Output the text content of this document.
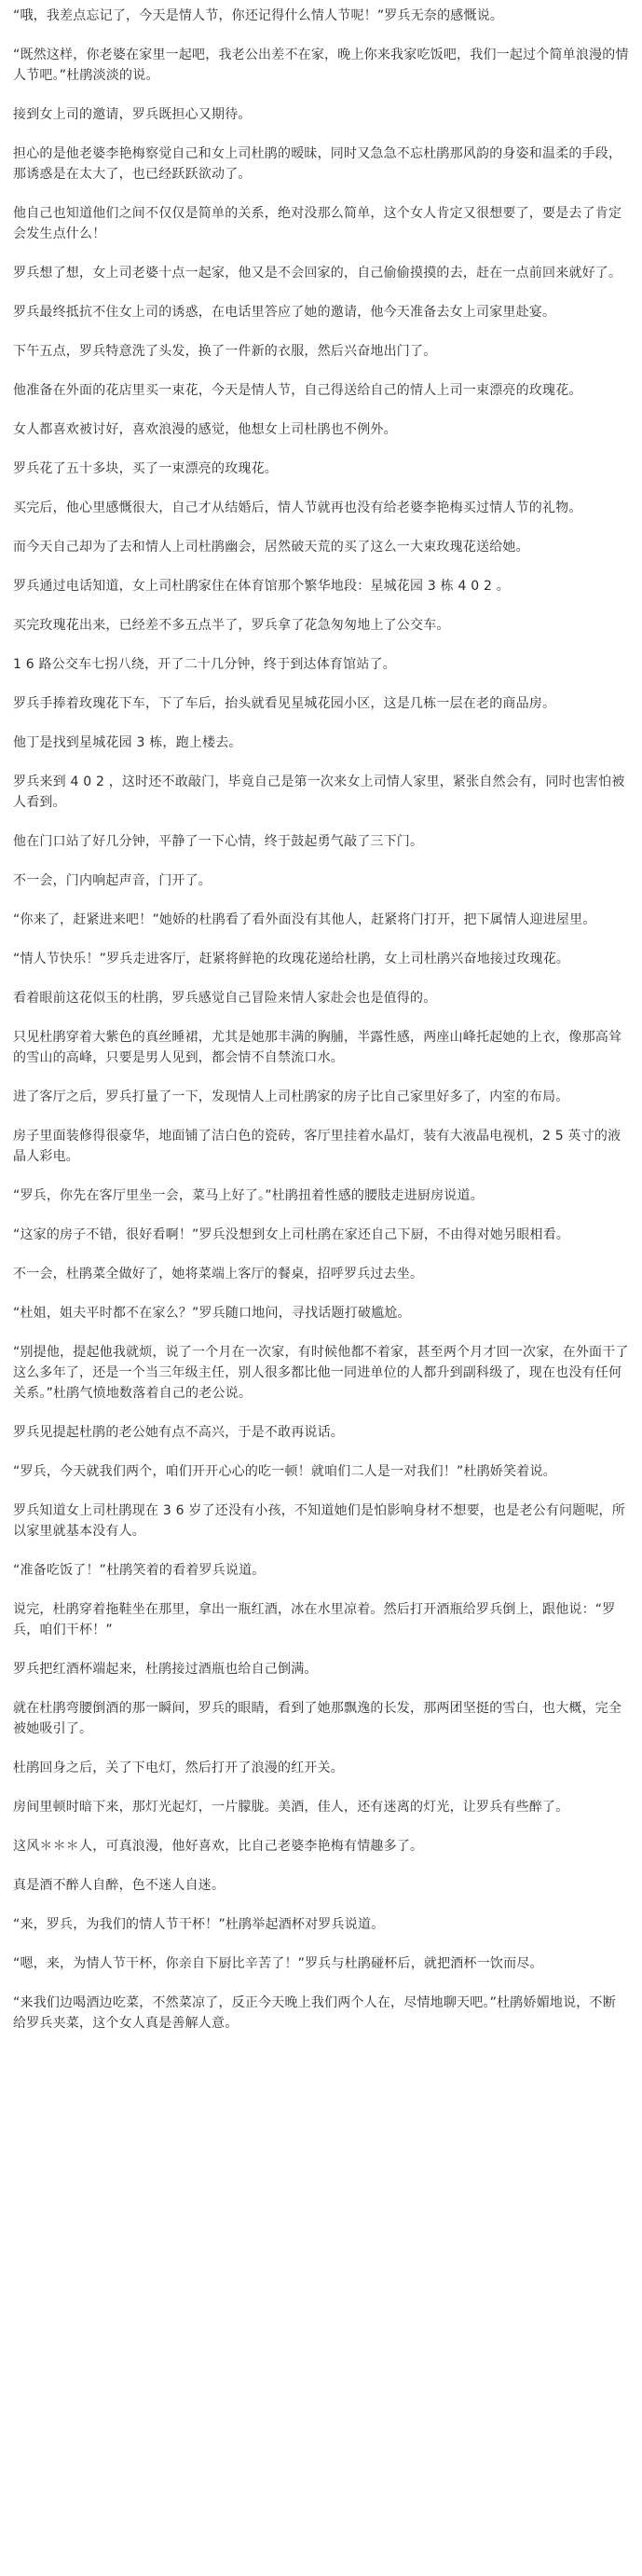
“哦，我差点忘记了，今天是情人节，你还记得什么情人节呢！”罗兵无奈的感慨说。

“既然这样，你老婆在家里一起吧，我老公出差不在家，晚上你来我家吃饭吧，我们一起过个简单浪漫的情人节吧。”杜鹃淡淡的说。

接到女上司的邀请，罗兵既担心又期待。

担心的是他老婆李艳梅察觉自己和女上司杜鹃的暧昧，同时又急急不忘杜鹃那风韵的身姿和温柔的手段，那诱惑是在太大了，也已经跃跃欲动了。

他自己也知道他们之间不仅仅是简单的关系，绝对没那么简单，这个女人肯定又很想要了，要是去了肯定会发生点什么！

罗兵想了想，女上司老婆十点一起家，他又是不会回家的，自己偷偷摸摸的去，赶在一点前回来就好了。

罗兵最终抵抗不住女上司的诱惑，在电话里答应了她的邀请，他今天准备去女上司家里赴宴。

下午五点，罗兵特意洗了头发，换了一件新的衣服，然后兴奋地出门了。

他准备在外面的花店里买一束花，今天是情人节，自己得送给自己的情人上司一束漂亮的玫瑰花。

女人都喜欢被讨好，喜欢浪漫的感觉，他想女上司杜鹃也不例外。

罗兵花了五十多块，买了一束漂亮的玫瑰花。

买完后，他心里感慨很大，自己才从结婚后，情人节就再也没有给老婆李艳梅买过情人节的礼物。

而今天自己却为了去和情人上司杜鹃幽会，居然破天荒的买了这么一大束玫瑰花送给她。

罗兵通过电话知道，女上司杜鹃家住在体育馆那个繁华地段：星城花园 3 栋 4 0 2 。

买完玫瑰花出来，已经差不多五点半了，罗兵拿了花急匆匆地上了公交车。

1 6 路公交车七拐八绕，开了二十几分钟，终于到达体育馆站了。

罗兵手捧着玫瑰花下车，下了车后，抬头就看见星城花园小区，这是几栋一层在老的商品房。

他丁是找到星城花园 3 栋，跑上楼去。

罗兵来到 4 0 2 ，这时还不敢敲门，毕竟自己是第一次来女上司情人家里，紧张自然会有，同时也害怕被人看到。

他在门口站了好几分钟，平静了一下心情，终于鼓起勇气敲了三下门。

不一会，门内响起声音，门开了。

“你来了，赶紧进来吧！”她娇的杜鹃看了看外面没有其他人，赶紧将门打开，把下属情人迎进屋里。

“情人节快乐！”罗兵走进客厅，赶紧将鲜艳的玫瑰花递给杜鹃，女上司杜鹃兴奋地接过玫瑰花。

看着眼前这花似玉的杜鹃，罗兵感觉自己冒险来情人家赴会也是值得的。

只见杜鹃穿着大紫色的真丝睡裙，尤其是她那丰满的胸脯，半露性感，两座山峰托起她的上衣，像那高耸的雪山的高峰，只要是男人见到，都会情不自禁流口水。

进了客厅之后，罗兵打量了一下，发现情人上司杜鹃家的房子比自己家里好多了，内室的布局。

房子里面装修得很豪华，地面铺了洁白色的瓷砖，客厅里挂着水晶灯，装有大液晶电视机，2 5 英寸的液晶人彩电。

“罗兵，你先在客厅里坐一会，菜马上好了。”杜鹃扭着性感的腰肢走进厨房说道。

“这家的房子不错，很好看啊！”罗兵没想到女上司杜鹃在家还自己下厨，不由得对她另眼相看。

不一会，杜鹃菜全做好了，她将菜端上客厅的餐桌，招呼罗兵过去坐。

“杜姐，姐夫平时都不在家么？”罗兵随口地问，寻找话题打破尴尬。

“别提他，提起他我就烦，说了一个月在一次家，有时候他都不着家，甚至两个月才回一次家，在外面干了这么多年了，还是一个当三年级主任，别人很多都比他一同进单位的人都升到副科级了，现在也没有任何关系。”杜鹃气愤地数落着自己的老公说。

罗兵见提起杜鹃的老公她有点不高兴，于是不敢再说话。

“罗兵，今天就我们两个，咱们开开心心的吃一顿！就咱们二人是一对我们！”杜鹃娇笑着说。

罗兵知道女上司杜鹃现在 3 6 岁了还没有小孩，不知道她们是怕影响身材不想要，也是老公有问题呢，所以家里就基本没有人。

“准备吃饭了！”杜鹃笑着的看着罗兵说道。

说完，杜鹃穿着拖鞋坐在那里，拿出一瓶红酒，冰在水里凉着。然后打开酒瓶给罗兵倒上，跟他说：“罗兵，咱们干杯！”

罗兵把红酒杯端起来，杜鹃接过酒瓶也给自己倒满。

就在杜鹃弯腰倒酒的那一瞬间，罗兵的眼睛，看到了她那飘逸的长发，那两团坚挺的雪白，也大概，完全被她吸引了。

杜鹃回身之后，关了下电灯，然后打开了浪漫的红开关。

房间里顿时暗下来，那灯光起灯，一片朦胧。美酒，佳人，还有迷离的灯光，让罗兵有些醉了。

这风＊＊＊人，可真浪漫，他好喜欢，比自己老婆李艳梅有情趣多了。

真是酒不醉人自醉，色不迷人自迷。

“来，罗兵，为我们的情人节干杯！”杜鹃举起酒杯对罗兵说道。

“嗯，来，为情人节干杯，你亲自下厨比辛苦了！”罗兵与杜鹃碰杯后，就把酒杯一饮而尽。

“来我们边喝酒边吃菜，不然菜凉了，反正今天晚上我们两个人在，尽情地聊天吧。”杜鹃娇媚地说，不断给罗兵夹菜，这个女人真是善解人意。
